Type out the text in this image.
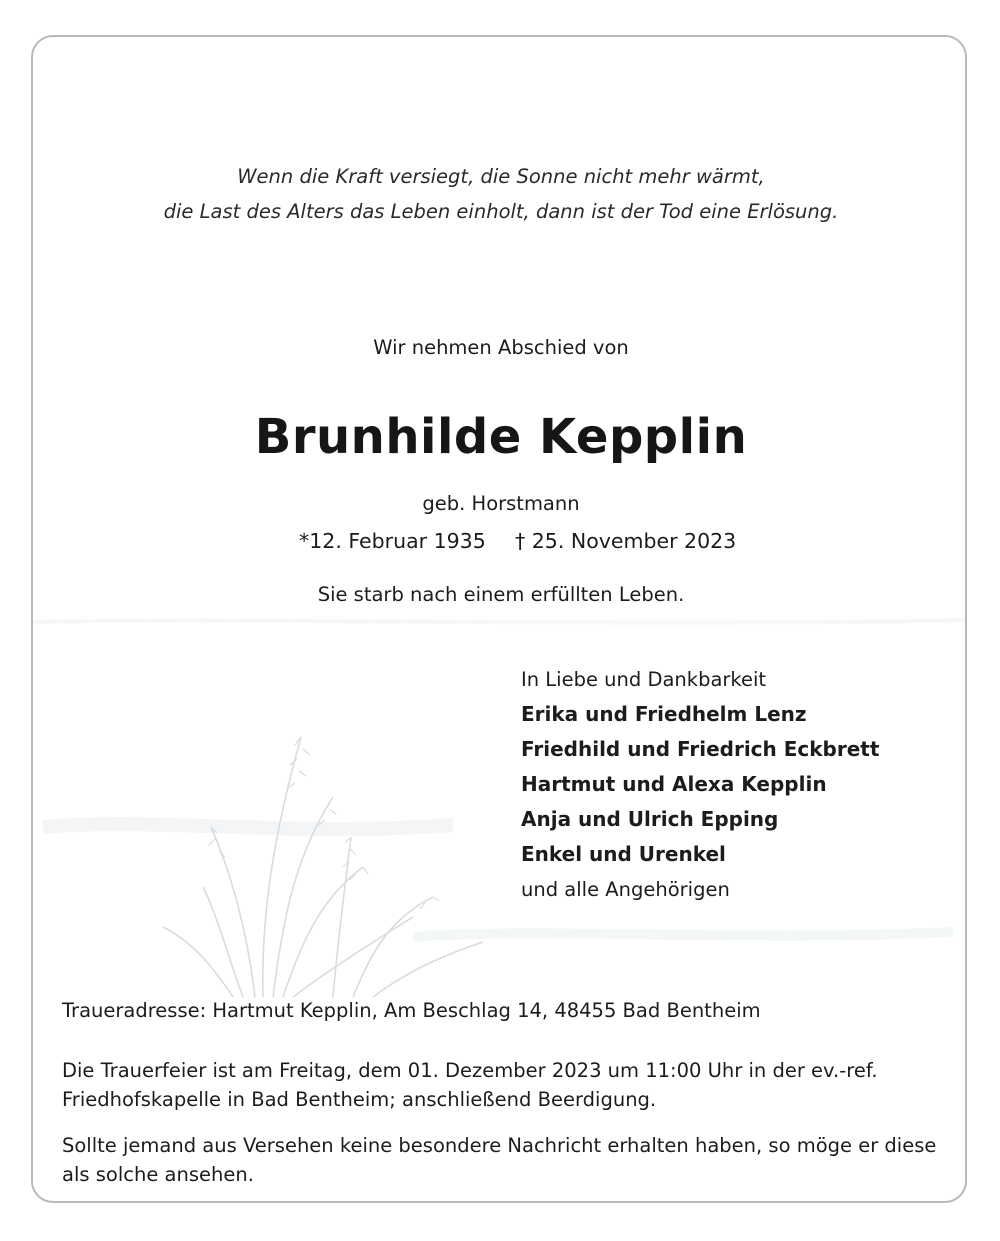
Wenn die Kraft versiegt, die Sonne nicht mehr wärmt,
die Last des Alters das Leben einholt, dann ist der Tod eine Erlösung.
Wir nehmen Abschied von
Brunhilde Kepplin
geb. Horstmann
*12. Februar 1935 † 25. November 2023
Sie starb nach einem erfüllten Leben.
In Liebe und Dankbarkeit
Erika und Friedhelm Lenz
Friedhild und Friedrich Eckbrett
Hartmut und Alexa Kepplin
Anja und Ulrich Epping
Enkel und Urenkel
und alle Angehörigen
Traueradresse: Hartmut Kepplin, Am Beschlag 14, 48455 Bad Bentheim
Die Trauerfeier ist am Freitag, dem 01. Dezember 2023 um 11:00 Uhr in der ev.-ref.
Friedhofskapelle in Bad Bentheim; anschließend Beerdigung.
Sollte jemand aus Versehen keine besondere Nachricht erhalten haben, so möge er diese
als solche ansehen.
